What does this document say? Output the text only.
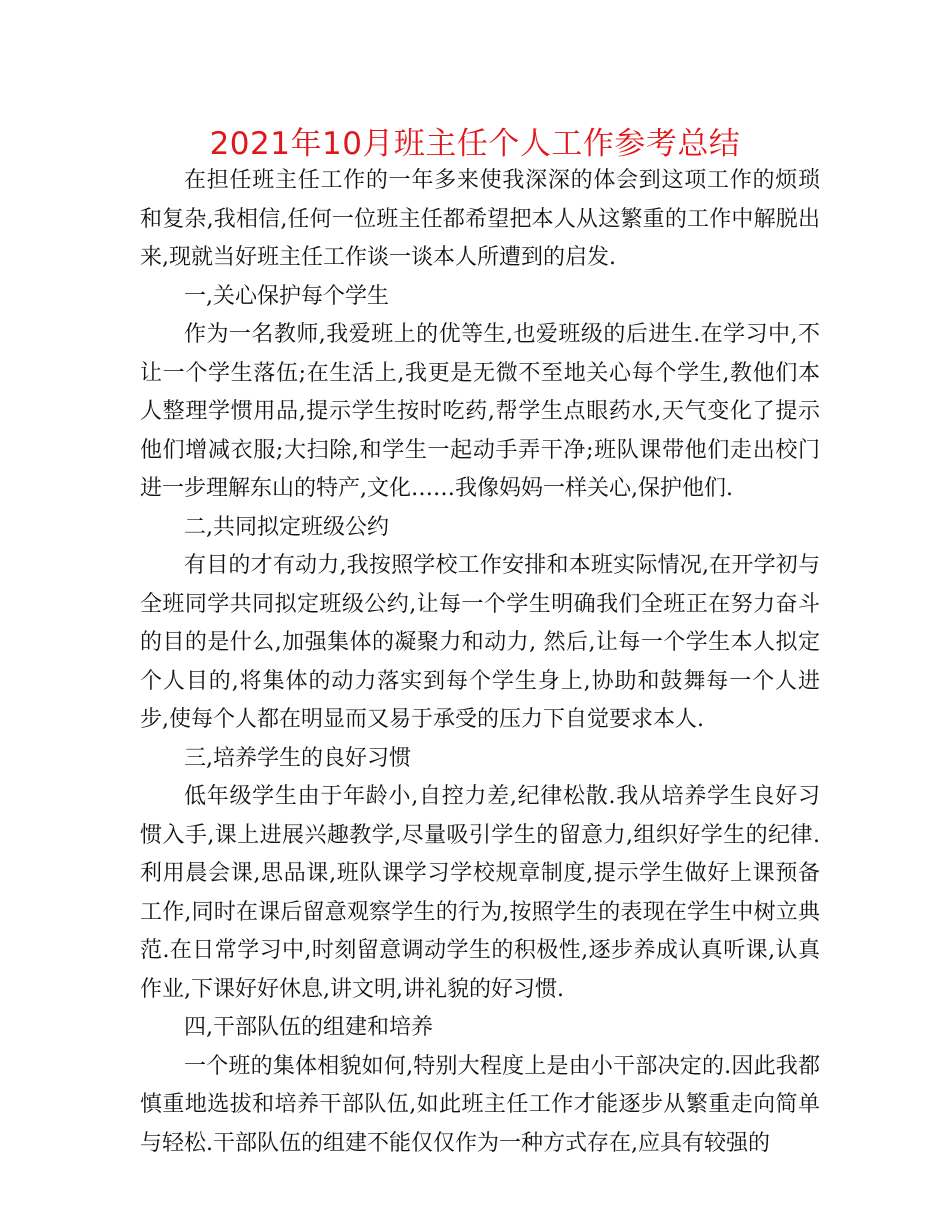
2021年10月班主任个人工作参考总结

在担任班主任工作的一年多来使我深深的体会到这项工作的烦琐和复杂,我相信,任何一位班主任都希望把本人从这繁重的工作中解脱出来,现就当好班主任工作谈一谈本人所遭到的启发.

一,关心保护每个学生

作为一名教师,我爱班上的优等生,也爱班级的后进生.在学习中,不让一个学生落伍;在生活上,我更是无微不至地关心每个学生,教他们本人整理学惯用品,提示学生按时吃药,帮学生点眼药水,天气变化了提示他们增减衣服;大扫除,和学生一起动手弄干净;班队课带他们走出校门进一步理解东山的特产,文化……我像妈妈一样关心,保护他们.

二,共同拟定班级公约

有目的才有动力,我按照学校工作安排和本班实际情况,在开学初与全班同学共同拟定班级公约,让每一个学生明确我们全班正在努力奋斗的目的是什么,加强集体的凝聚力和动力, 然后,让每一个学生本人拟定个人目的,将集体的动力落实到每个学生身上,协助和鼓舞每一个人进步,使每个人都在明显而又易于承受的压力下自觉要求本人.

三,培养学生的良好习惯

低年级学生由于年龄小,自控力差,纪律松散.我从培养学生良好习惯入手,课上进展兴趣教学,尽量吸引学生的留意力,组织好学生的纪律.利用晨会课,思品课,班队课学习学校规章制度,提示学生做好上课预备工作,同时在课后留意观察学生的行为,按照学生的表现在学生中树立典范.在日常学习中,时刻留意调动学生的积极性,逐步养成认真听课,认真作业,下课好好休息,讲文明,讲礼貌的好习惯.

四,干部队伍的组建和培养

一个班的集体相貌如何,特别大程度上是由小干部决定的.因此我都慎重地选拔和培养干部队伍,如此班主任工作才能逐步从繁重走向简单与轻松.干部队伍的组建不能仅仅作为一种方式存在,应具有较强的
